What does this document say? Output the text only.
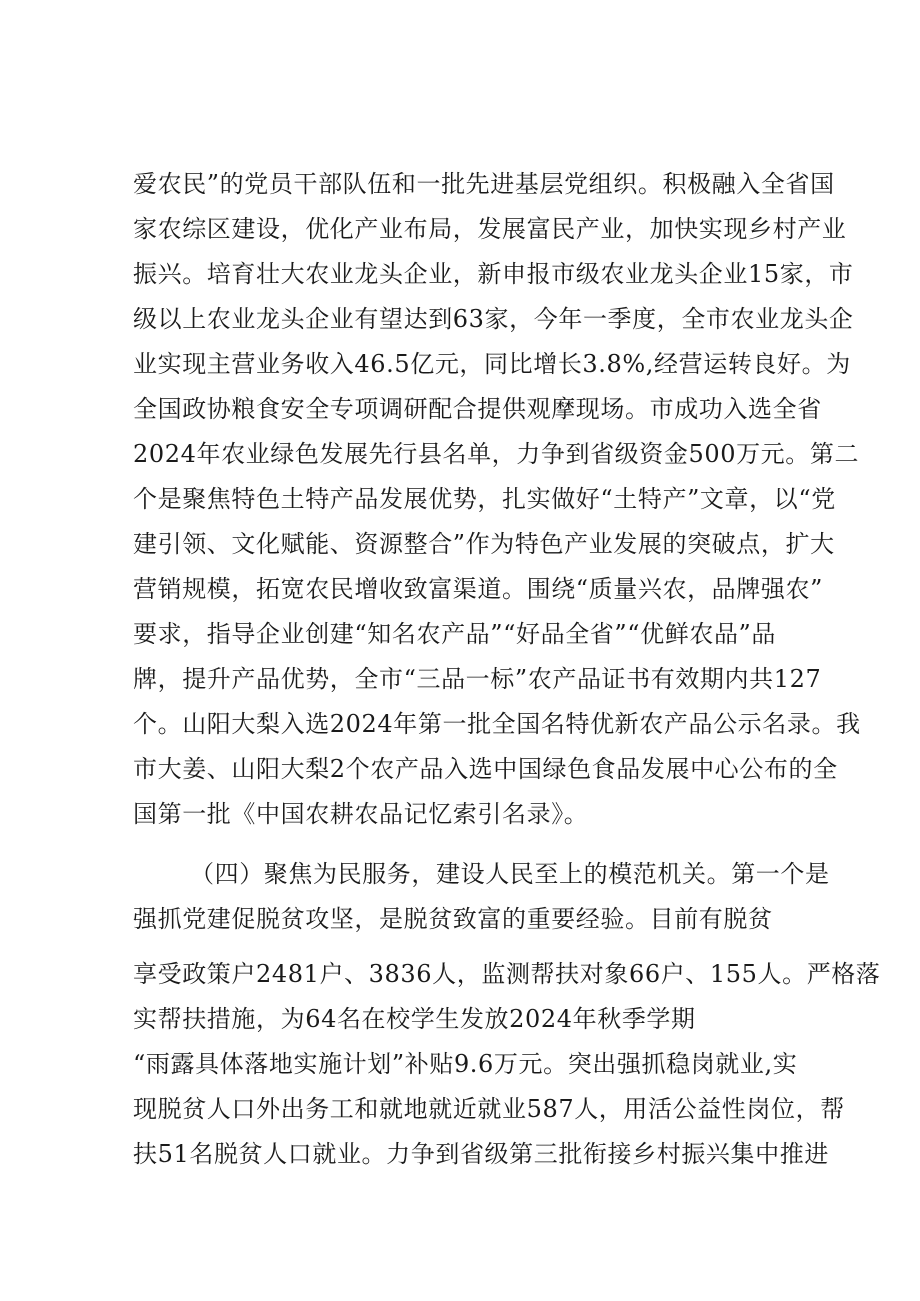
爱农民”的党员干部队伍和一批先进基层党组织。积极融入全省国
家农综区建设，优化产业布局，发展富民产业，加快实现乡村产业
振兴。培育壮大农业龙头企业，新申报市级农业龙头企业15家，市
级以上农业龙头企业有望达到63家，今年一季度，全市农业龙头企
业实现主营业务收入46.5亿元，同比增长3.8%,经营运转良好。为
全国政协粮食安全专项调研配合提供观摩现场。市成功入选全省
2024年农业绿色发展先行县名单，力争到省级资金500万元。第二
个是聚焦特色土特产品发展优势，扎实做好“土特产”文章，以“党
建引领、文化赋能、资源整合”作为特色产业发展的突破点，扩大
营销规模，拓宽农民增收致富渠道。围绕“质量兴农，品牌强农”
要求，指导企业创建“知名农产品”“好品全省”“优鲜农品”品
牌，提升产品优势，全市“三品一标”农产品证书有效期内共127
个。山阳大梨入选2024年第一批全国名特优新农产品公示名录。我
市大姜、山阳大梨2个农产品入选中国绿色食品发展中心公布的全
国第一批《中国农耕农品记忆索引名录》。
（四）聚焦为民服务，建设人民至上的模范机关。第一个是
强抓党建促脱贫攻坚，是脱贫致富的重要经验。目前有脱贫
享受政策户2481户、3836人，监测帮扶对象66户、155人。严格落
实帮扶措施，为64名在校学生发放2024年秋季学期
“雨露具体落地实施计划”补贴9.6万元。突出强抓稳岗就业,实
现脱贫人口外出务工和就地就近就业587人，用活公益性岗位，帮
扶51名脱贫人口就业。力争到省级第三批衔接乡村振兴集中推进
